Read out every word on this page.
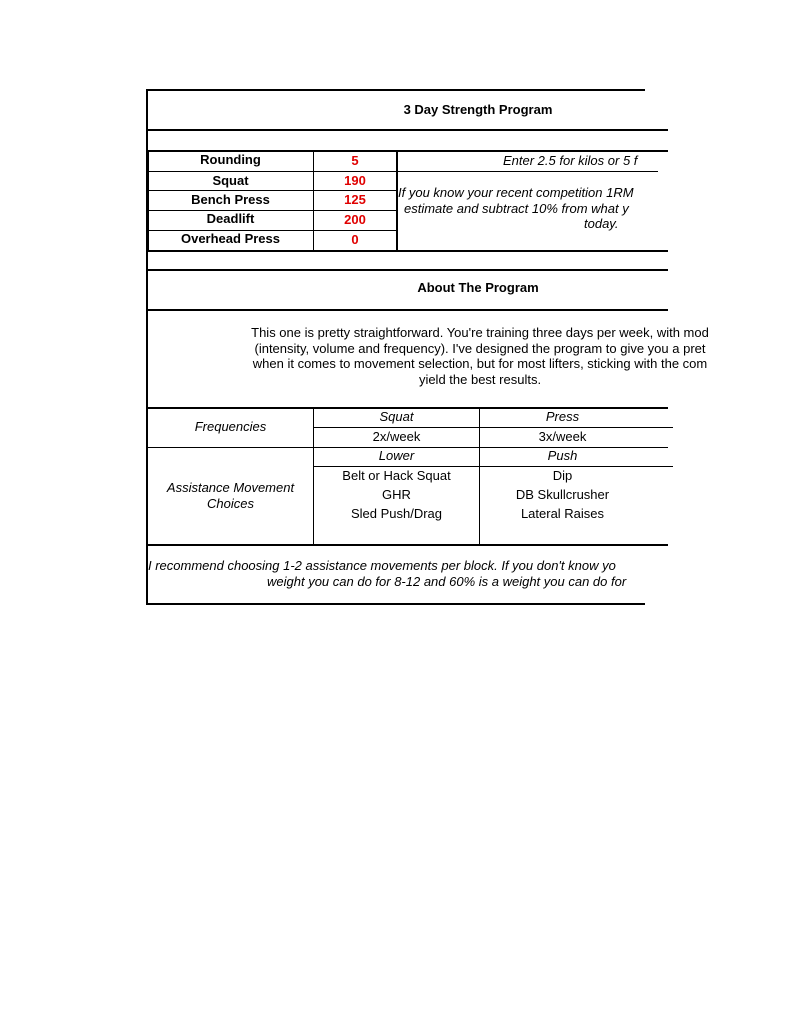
3 Day Strength Program
Rounding
Squat
Bench Press
Deadlift
Overhead Press
5
190
125
200
0
Enter 2.5 for kilos or 5 f
If you know your recent competition 1RM
estimate and subtract 10% from what y
today.
About The Program
This one is pretty straightforward. You're training three days per week, with mod
(intensity, volume and frequency). I've designed the program to give you a pret
when it comes to movement selection, but for most lifters, sticking with the com
yield the best results.
Frequencies
Squat
2x/week
Press
3x/week
Assistance Movement
Choices
Lower
Belt or Hack Squat
GHR
Sled Push/Drag
Push
Dip
DB Skullcrusher
Lateral Raises
I recommend choosing 1-2 assistance movements per block. If you don't know yo
weight you can do for 8-12 and 60% is a weight you can do for
